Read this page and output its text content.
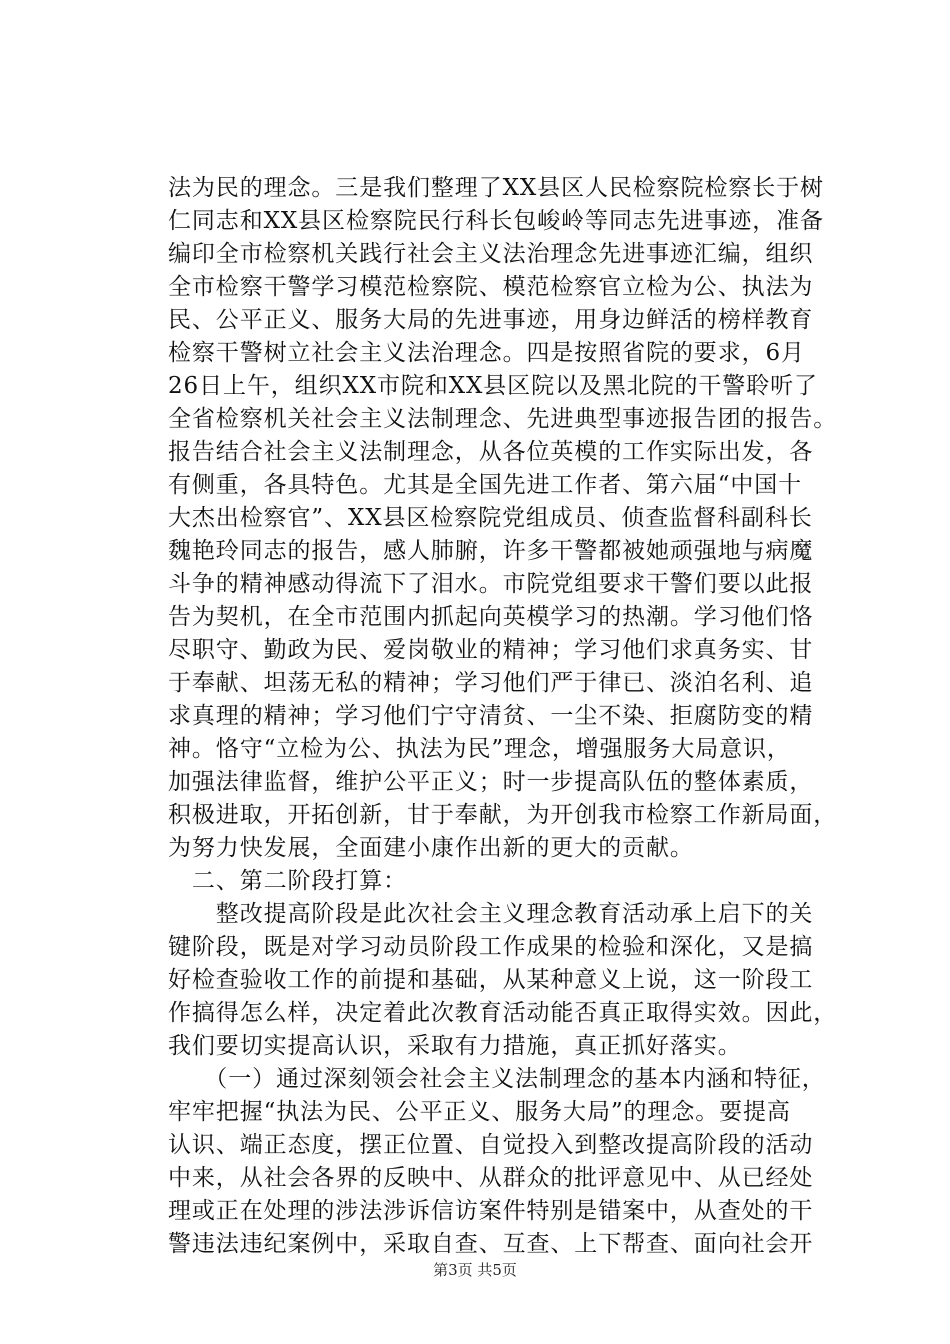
法为民的理念。三是我们整理了XX县区人民检察院检察长于树
仁同志和XX县区检察院民行科长包峻岭等同志先进事迹，准备
编印全市检察机关践行社会主义法治理念先进事迹汇编，组织
全市检察干警学习模范检察院、模范检察官立检为公、执法为
民、公平正义、服务大局的先进事迹，用身边鲜活的榜样教育
检察干警树立社会主义法治理念。四是按照省院的要求，6月
26日上午，组织XX市院和XX县区院以及黑北院的干警聆听了
全省检察机关社会主义法制理念、先进典型事迹报告团的报告。
报告结合社会主义法制理念，从各位英模的工作实际出发，各
有侧重，各具特色。尤其是全国先进工作者、第六届“中国十
大杰出检察官”、XX县区检察院党组成员、侦查监督科副科长
魏艳玲同志的报告，感人肺腑，许多干警都被她顽强地与病魔
斗争的精神感动得流下了泪水。市院党组要求干警们要以此报
告为契机，在全市范围内抓起向英模学习的热潮。学习他们恪
尽职守、勤政为民、爱岗敬业的精神；学习他们求真务实、甘
于奉献、坦荡无私的精神；学习他们严于律已、淡泊名利、追
求真理的精神；学习他们宁守清贫、一尘不染、拒腐防变的精
神。恪守“立检为公、执法为民”理念，增强服务大局意识，
加强法律监督，维护公平正义；时一步提高队伍的整体素质，
积极进取，开拓创新，甘于奉献，为开创我市检察工作新局面，
为努力快发展，全面建小康作出新的更大的贡献。
　二、第二阶段打算：
　　整改提高阶段是此次社会主义理念教育活动承上启下的关
键阶段，既是对学习动员阶段工作成果的检验和深化，又是搞
好检查验收工作的前提和基础，从某种意义上说，这一阶段工
作搞得怎么样，决定着此次教育活动能否真正取得实效。因此，
我们要切实提高认识，采取有力措施，真正抓好落实。
　　（一）通过深刻领会社会主义法制理念的基本内涵和特征，
牢牢把握“执法为民、公平正义、服务大局”的理念。要提高
认识、端正态度，摆正位置、自觉投入到整改提高阶段的活动
中来，从社会各界的反映中、从群众的批评意见中、从已经处
理或正在处理的涉法涉诉信访案件特别是错案中，从查处的干
警违法违纪案例中，采取自查、互查、上下帮查、面向社会开
第3页 共5页
